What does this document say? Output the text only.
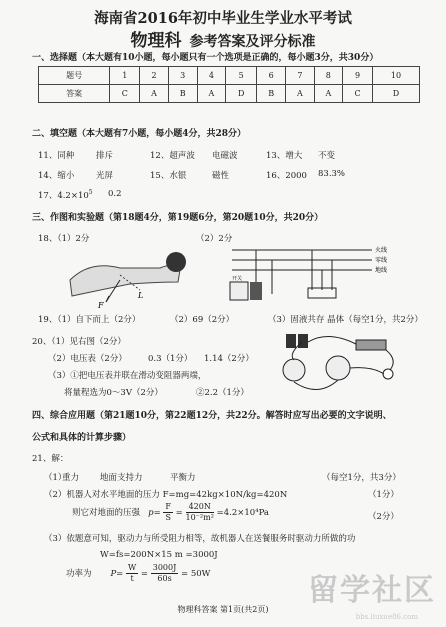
海南省2016年初中毕业生学业水平考试
物理科 参考答案及评分标准
一、选择题（本大题有10小题，每小题只有一个选项是正确的，每小题3分，共30分）
题号	1	2	3	4	5	6	7	8	9	10
答案	C	A	B	A	D	B	A	A	C	D
二、填空题（本大题有7小题，每小题4分，共28分）
11、同种	排斥	12、超声波 电磁波	13、增大 不变
14、缩小	光屏	15、水银	磁性	16、2000 83.3%
17、$4.2\times 10^5$ 0.2
三、作图和实验题（第18题4分，第19题6分，第20题10分，共20分）
18、（1）2分	（2）2分
F
L
火线
零线
地线
开关
19、（1）自下而上（2分）	（2）69（2分）	（3）固液共存 晶体（每空1分，共2分）
20、（1）见右图（2分）
（2）电压表（2分） 0.3（1分） 1.14（2分）
（3）①把电压表并联在滑动变阻器两端，
将量程选为0～3V（2分）	②2.2（1分）
四、综合应用题（第21题10分，第22题12分，共22分。解答时应写出必要的文字说明、
公式和具体的计算步骤）
21、解：
（1）
重力 地面支持力	平衡力	（每空1分，共3分）
（2）机器人对水平地面的压力 F=mg=42kg×10N/kg=420N	（1分）
则它对地面的压强 $p= \frac{F}{S} = \frac{420N}{\text{10⁻²m²}} =4.2\times 10^4Pa$	（2分）
（3）依题意可知，驱动力与所受阻力相等，故机器人在送餐服务时驱动力所做的功
W=fs=200N×15 m =3000J
功率为 $P= \frac{W}{t} = \frac{3000J}{60s} = 50W$
物理科答案 第1页(共2页)
留学社区
bbs.liuxue86.com
